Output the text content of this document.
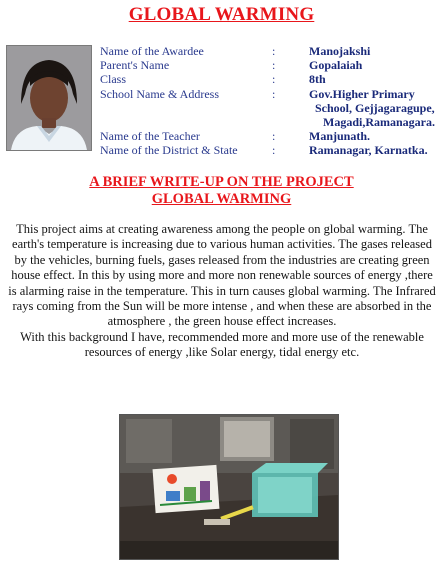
GLOBAL WARMING
Name of the Awardee	:	Manojakshi
Parent's Name	:	Gopalaiah
Class	:	8th
School Name & Address	:	Gov.Higher Primary
School, Gejjagaragupe,
Magadi,Ramanagara.
Name of the Teacher	:	Manjunath.
Name of the District & State	:	Ramanagar, Karnatka.
A BRIEF WRITE-UP ON THE PROJECT
GLOBAL WARMING

This project aims at creating awareness among the people on global warming. The earth's temperature is increasing due to various human activities. The gases released by the vehicles, burning fuels, gases released from the industries are creating green house effect. In this by using more and more non renewable sources of energy ,there is alarming raise in the temperature. This in turn causes global warming. The Infrared rays coming from the Sun will be more intense , and when these are absorbed in the atmosphere , the green house effect increases.

With this background I have, recommended more and more use of the renewable resources of energy ,like Solar energy, tidal energy etc.
